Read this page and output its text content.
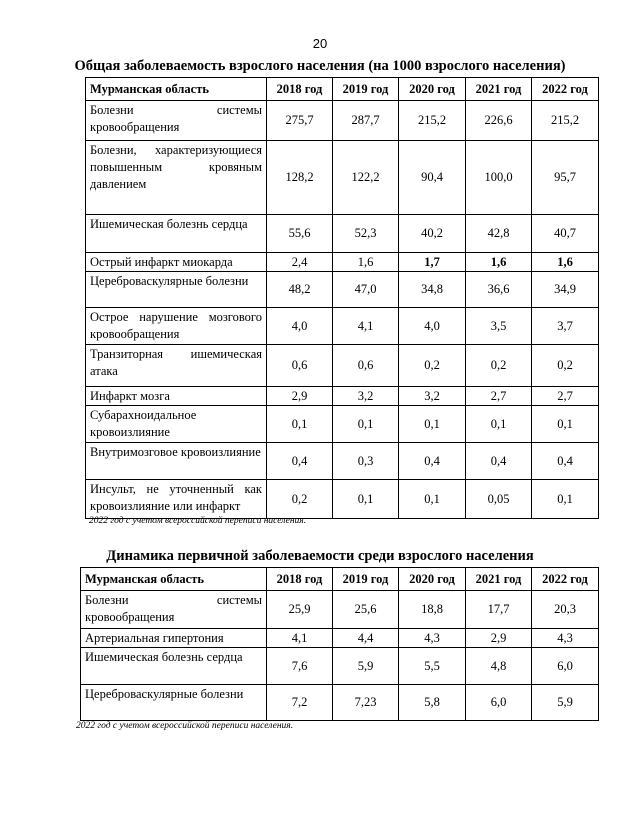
20
Общая заболеваемость взрослого населения (на 1000 взрослого населения)
Мурманская область	2018 год	2019 год	2020 год	2021 год	2022 год
Болезни системы кровообращения	275,7	287,7	215,2	226,6	215,2
Болезни, характеризующиеся повышенным кровяным давлением	128,2	122,2	90,4	100,0	95,7
Ишемическая болезнь сердца	55,6	52,3	40,2	42,8	40,7
Острый инфаркт миокарда	2,4	1,6	1,7	1,6	1,6
Цереброваскулярные болезни	48,2	47,0	34,8	36,6	34,9
Острое нарушение мозгового кровообращения	4,0	4,1	4,0	3,5	3,7
Транзиторная ишемическая атака	0,6	0,6	0,2	0,2	0,2
Инфаркт мозга	2,9	3,2	3,2	2,7	2,7
Субарахноидальное кровоизлияние	0,1	0,1	0,1	0,1	0,1
Внутримозговое кровоизлияние	0,4	0,3	0,4	0,4	0,4
Инсульт, не уточненный как кровоизлияние или инфаркт	0,2	0,1	0,1	0,05	0,1
2022 год с учетом всероссийской переписи населения.
Динамика первичной заболеваемости среди взрослого населения
Мурманская область	2018 год	2019 год	2020 год	2021 год	2022 год
Болезни системы кровообращения	25,9	25,6	18,8	17,7	20,3
Артериальная гипертония	4,1	4,4	4,3	2,9	4,3
Ишемическая болезнь сердца	7,6	5,9	5,5	4,8	6,0
Цереброваскулярные болезни	7,2	7,23	5,8	6,0	5,9
2022 год с учетом всероссийской переписи населения.
